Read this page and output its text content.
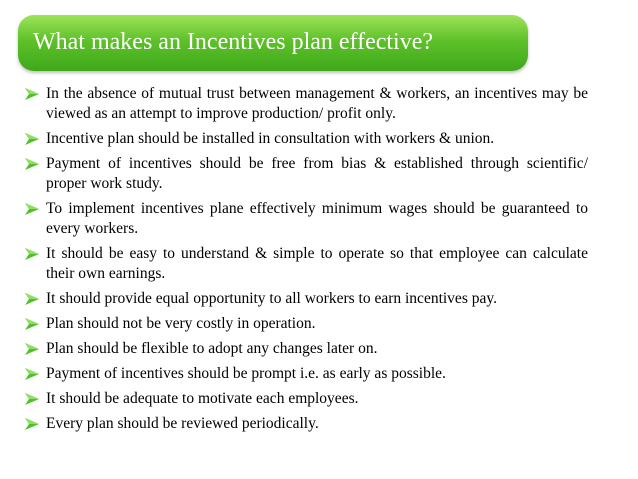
What makes an Incentives plan effective?
In the absence of mutual trust between management & workers, an incentives may be viewed as an attempt to improve production/ profit only.
Incentive plan should be installed in consultation with workers & union.
Payment of incentives should be free from bias & established through scientific/ proper work study.
To implement incentives plane effectively minimum wages should be guaranteed to every workers.
It should be easy to understand & simple to operate so that employee can calculate their own earnings.
It should provide equal opportunity to all workers to earn incentives pay.
Plan should not be very costly in operation.
Plan should be flexible to adopt any changes later on.
Payment of incentives should be prompt i.e. as early as possible.
It should be adequate to motivate each employees.
Every plan should be reviewed periodically.
